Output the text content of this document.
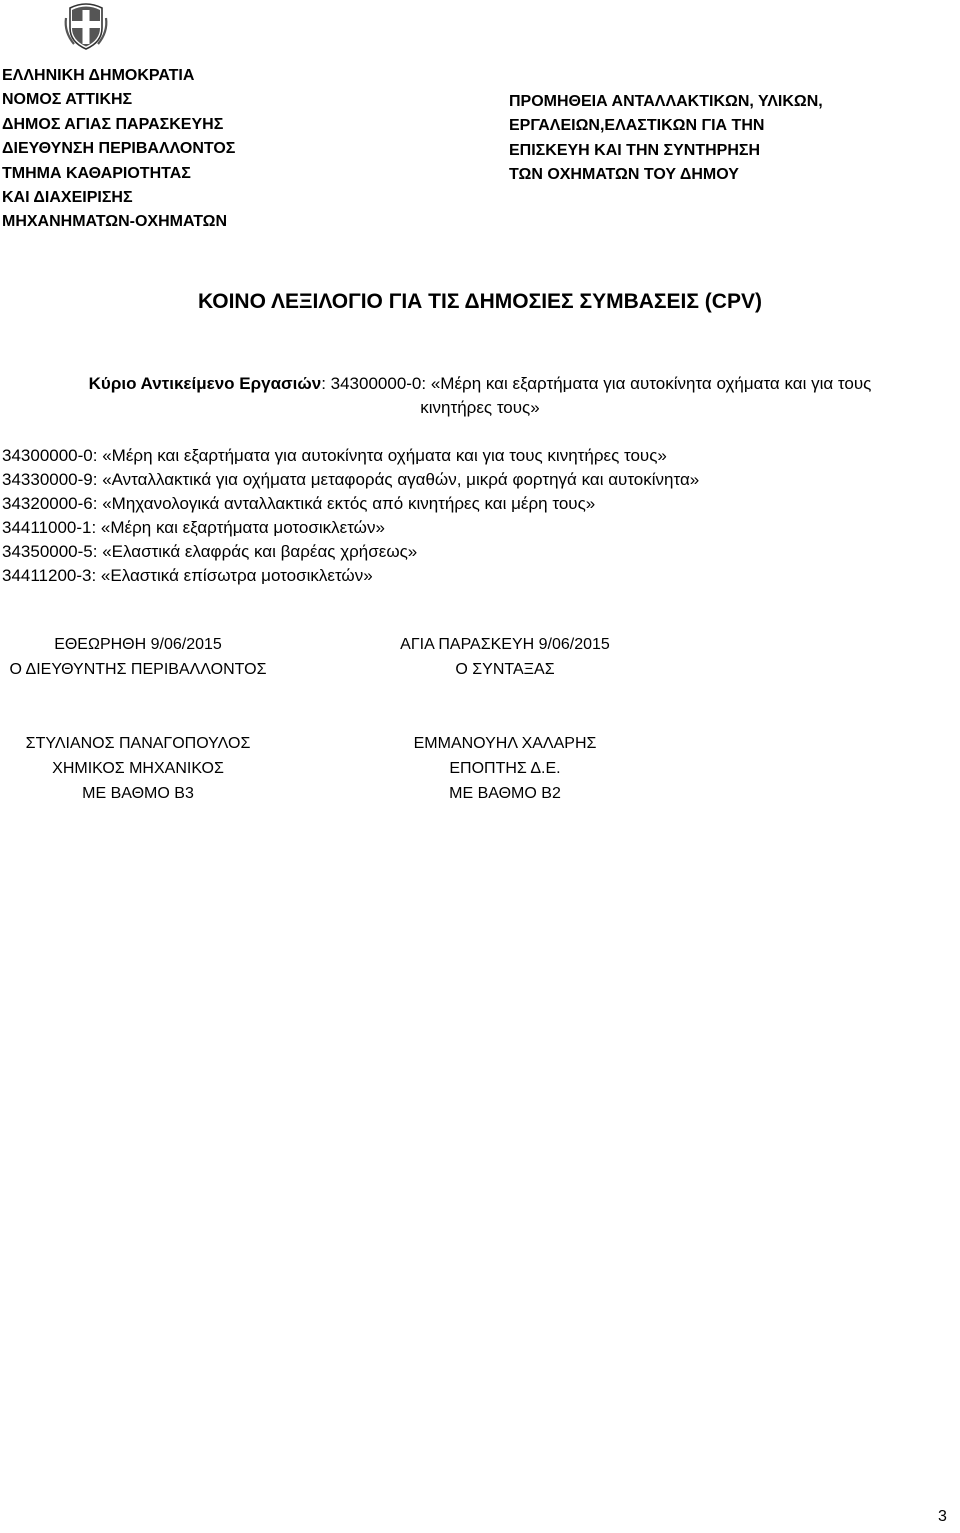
ΕΛΛΗΝΙΚΗ ΔΗΜΟΚΡΑΤΙΑ
ΝΟΜΟΣ ΑΤΤΙΚΗΣ
ΔΗΜΟΣ ΑΓΙΑΣ ΠΑΡΑΣΚΕΥΗΣ
ΔΙΕΥΘΥΝΣΗ ΠΕΡΙΒΑΛΛΟΝΤΟΣ
ΤΜΗΜΑ ΚΑΘΑΡΙΟΤΗΤΑΣ
ΚΑΙ ΔΙΑΧΕΙΡΙΣΗΣ
ΜΗΧΑΝΗΜΑΤΩΝ-ΟΧΗΜΑΤΩΝ
ΠΡΟΜΗΘΕΙΑ ΑΝΤΑΛΛΑΚΤΙΚΩΝ, ΥΛΙΚΩΝ,
ΕΡΓΑΛΕΙΩΝ,ΕΛΑΣΤΙΚΩΝ ΓΙΑ ΤΗΝ
ΕΠΙΣΚΕΥΗ ΚΑΙ ΤΗΝ ΣΥΝΤΗΡΗΣΗ
ΤΩΝ ΟΧΗΜΑΤΩΝ ΤΟΥ ΔΗΜΟΥ
ΚΟΙΝΟ ΛΕΞΙΛΟΓΙΟ ΓΙΑ ΤΙΣ ΔΗΜΟΣΙΕΣ ΣΥΜΒΑΣΕΙΣ (CPV)
Κύριο Αντικείμενο Εργασιών: 34300000-0: «Μέρη και εξαρτήματα για αυτοκίνητα οχήματα και για τους
κινητήρες τους»
34300000-0: «Μέρη και εξαρτήματα για αυτοκίνητα οχήματα και για τους κινητήρες τους»
34330000-9: «Ανταλλακτικά για οχήματα μεταφοράς αγαθών, μικρά φορτηγά και αυτοκίνητα»
34320000-6: «Μηχανολογικά ανταλλακτικά εκτός από κινητήρες και μέρη τους»
34411000-1: «Μέρη και εξαρτήματα μοτοσικλετών»
34350000-5: «Ελαστικά ελαφράς και βαρέας χρήσεως»
34411200-3: «Ελαστικά επίσωτρα μοτοσικλετών»
ΕΘΕΩΡΗΘΗ 9/06/2015
Ο ΔΙΕΥΘΥΝΤΗΣ ΠΕΡΙΒΑΛΛΟΝΤΟΣ
ΣΤΥΛΙΑΝΟΣ ΠΑΝΑΓΟΠΟΥΛΟΣ
ΧΗΜΙΚΟΣ ΜΗΧΑΝΙΚΟΣ
ΜΕ ΒΑΘΜΟ Β3
ΑΓΙΑ ΠΑΡΑΣΚΕΥΗ 9/06/2015
Ο ΣΥΝΤΑΞΑΣ
ΕΜΜΑΝΟΥΗΛ ΧΑΛΑΡΗΣ
ΕΠΟΠΤΗΣ Δ.Ε.
ΜΕ ΒΑΘΜΟ Β2
3
